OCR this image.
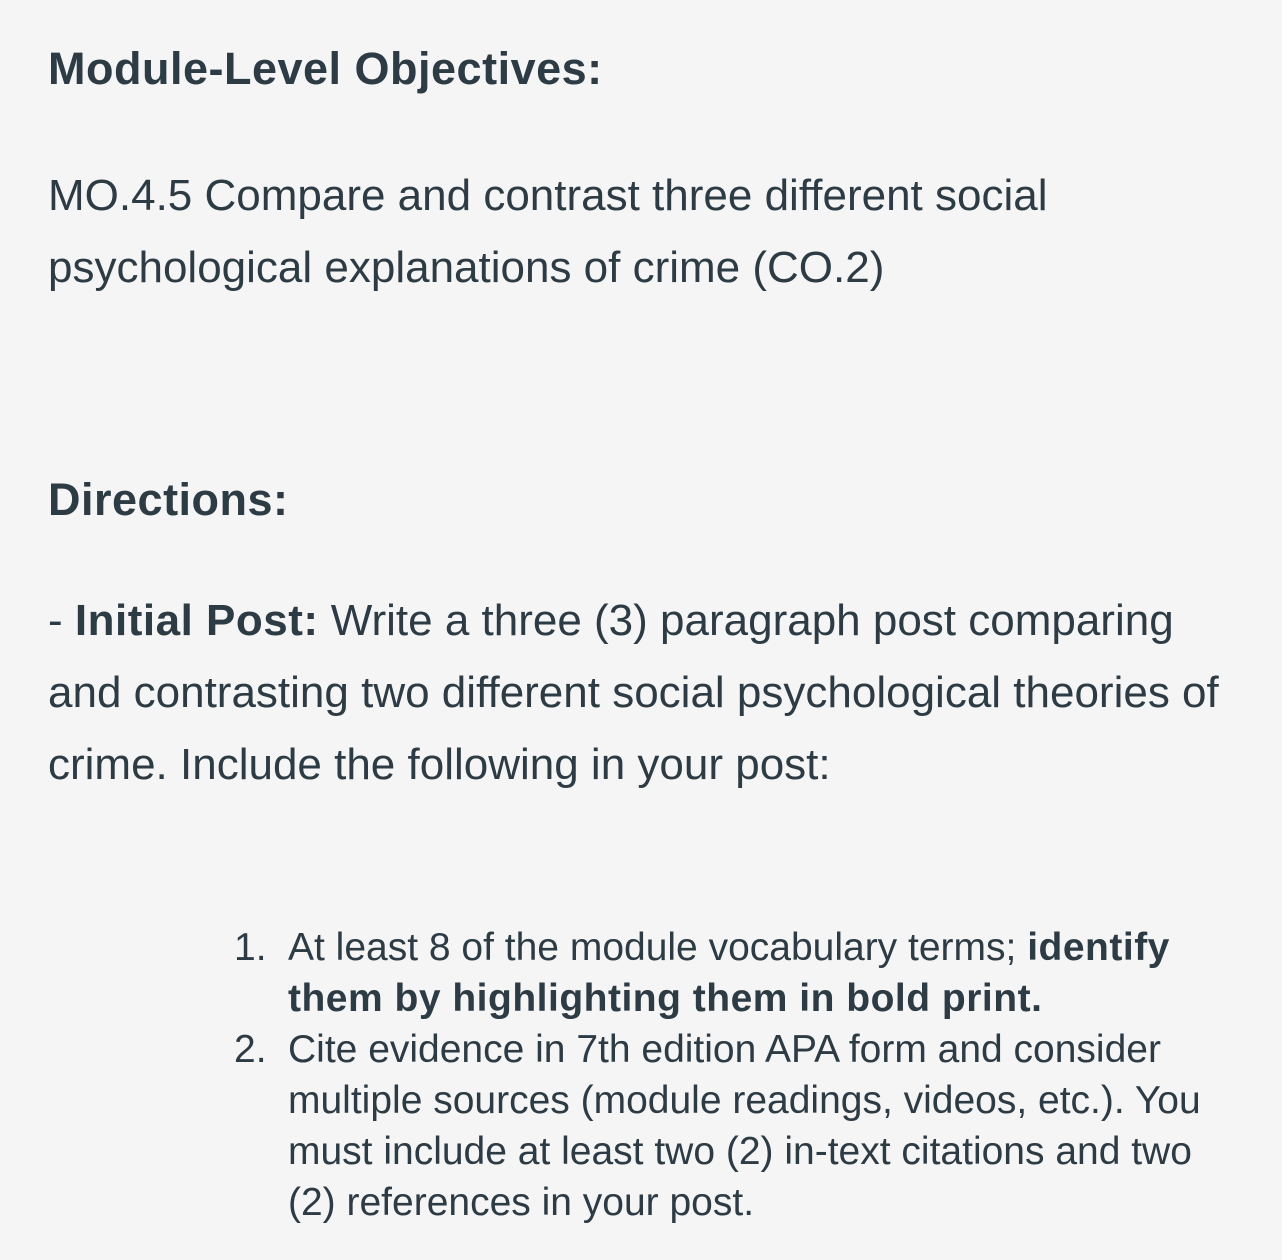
Module-Level Objectives:

MO.4.5 Compare and contrast three different social psychological explanations of crime (CO.2)

Directions:

- Initial Post: Write a three (3) paragraph post comparing and contrasting two different social psychological theories of crime. Include the following in your post:

1. At least 8 of the module vocabulary terms; identify them by highlighting them in bold print.
2. Cite evidence in 7th edition APA form and consider multiple sources (module readings, videos, etc.). You must include at least two (2) in-text citations and two (2) references in your post.
